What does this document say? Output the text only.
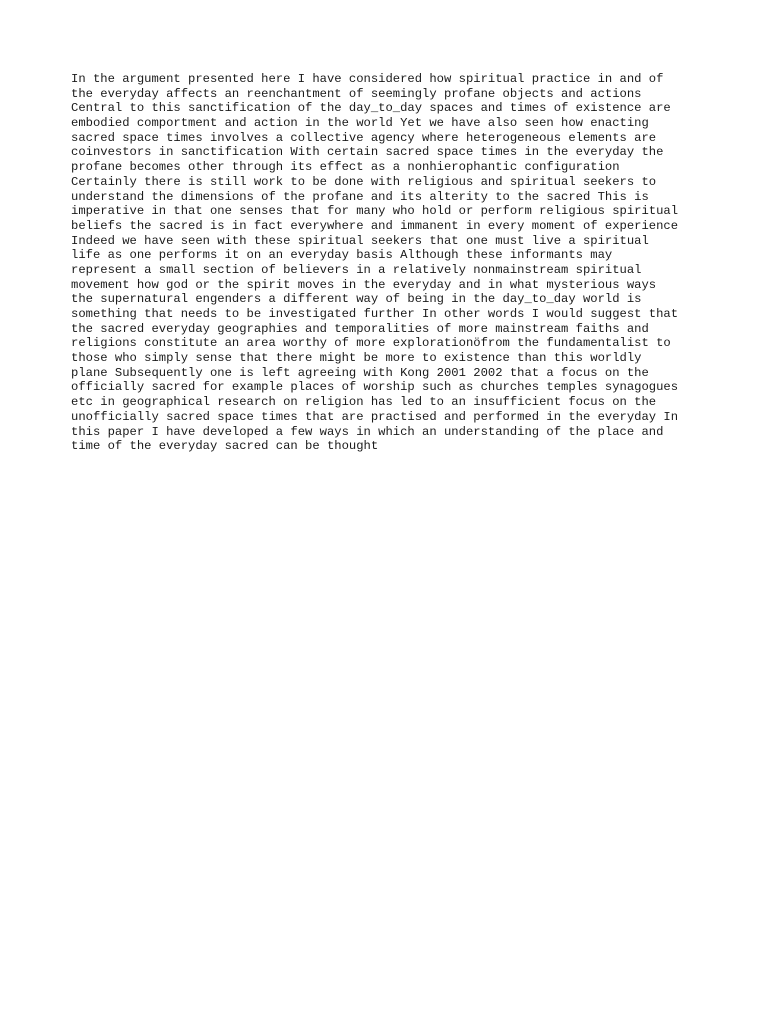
In the argument presented here I have considered how spiritual practice in and of
the everyday affects an reenchantment of seemingly profane objects and actions
Central to this sanctification of the day_to_day spaces and times of existence are
embodied comportment and action in the world Yet we have also seen how enacting
sacred space times involves a collective agency where heterogeneous elements are
coinvestors in sanctification With certain sacred space times in the everyday the
profane becomes other through its effect as a nonhierophantic configuration
Certainly there is still work to be done with religious and spiritual seekers to
understand the dimensions of the profane and its alterity to the sacred This is
imperative in that one senses that for many who hold or perform religious spiritual
beliefs the sacred is in fact everywhere and immanent in every moment of experience
Indeed we have seen with these spiritual seekers that one must live a spiritual
life as one performs it on an everyday basis Although these informants may
represent a small section of believers in a relatively nonmainstream spiritual
movement how god or the spirit moves in the everyday and in what mysterious ways
the supernatural engenders a different way of being in the day_to_day world is
something that needs to be investigated further In other words I would suggest that
the sacred everyday geographies and temporalities of more mainstream faiths and
religions constitute an area worthy of more explorationöfrom the fundamentalist to
those who simply sense that there might be more to existence than this worldly
plane Subsequently one is left agreeing with Kong 2001 2002 that a focus on the
officially sacred for example places of worship such as churches temples synagogues
etc in geographical research on religion has led to an insufficient focus on the
unofficially sacred space times that are practised and performed in the everyday In
this paper I have developed a few ways in which an understanding of the place and
time of the everyday sacred can be thought
